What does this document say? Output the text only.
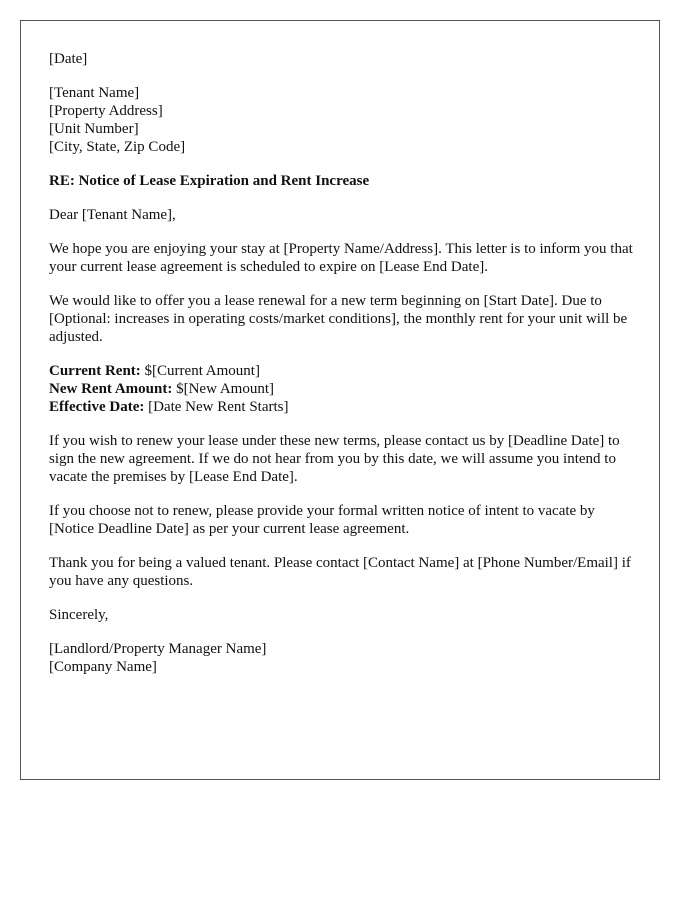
[Date]
[Tenant Name]
[Property Address]
[Unit Number]
[City, State, Zip Code]
RE: Notice of Lease Expiration and Rent Increase
Dear [Tenant Name],
We hope you are enjoying your stay at [Property Name/Address]. This letter is to inform you that your current lease agreement is scheduled to expire on [Lease End Date].
We would like to offer you a lease renewal for a new term beginning on [Start Date]. Due to [Optional: increases in operating costs/market conditions], the monthly rent for your unit will be adjusted.
Current Rent: $[Current Amount]
New Rent Amount: $[New Amount]
Effective Date: [Date New Rent Starts]
If you wish to renew your lease under these new terms, please contact us by [Deadline Date] to sign the new agreement. If we do not hear from you by this date, we will assume you intend to vacate the premises by [Lease End Date].
If you choose not to renew, please provide your formal written notice of intent to vacate by [Notice Deadline Date] as per your current lease agreement.
Thank you for being a valued tenant. Please contact [Contact Name] at [Phone Number/Email] if you have any questions.
Sincerely,
[Landlord/Property Manager Name]
[Company Name]
